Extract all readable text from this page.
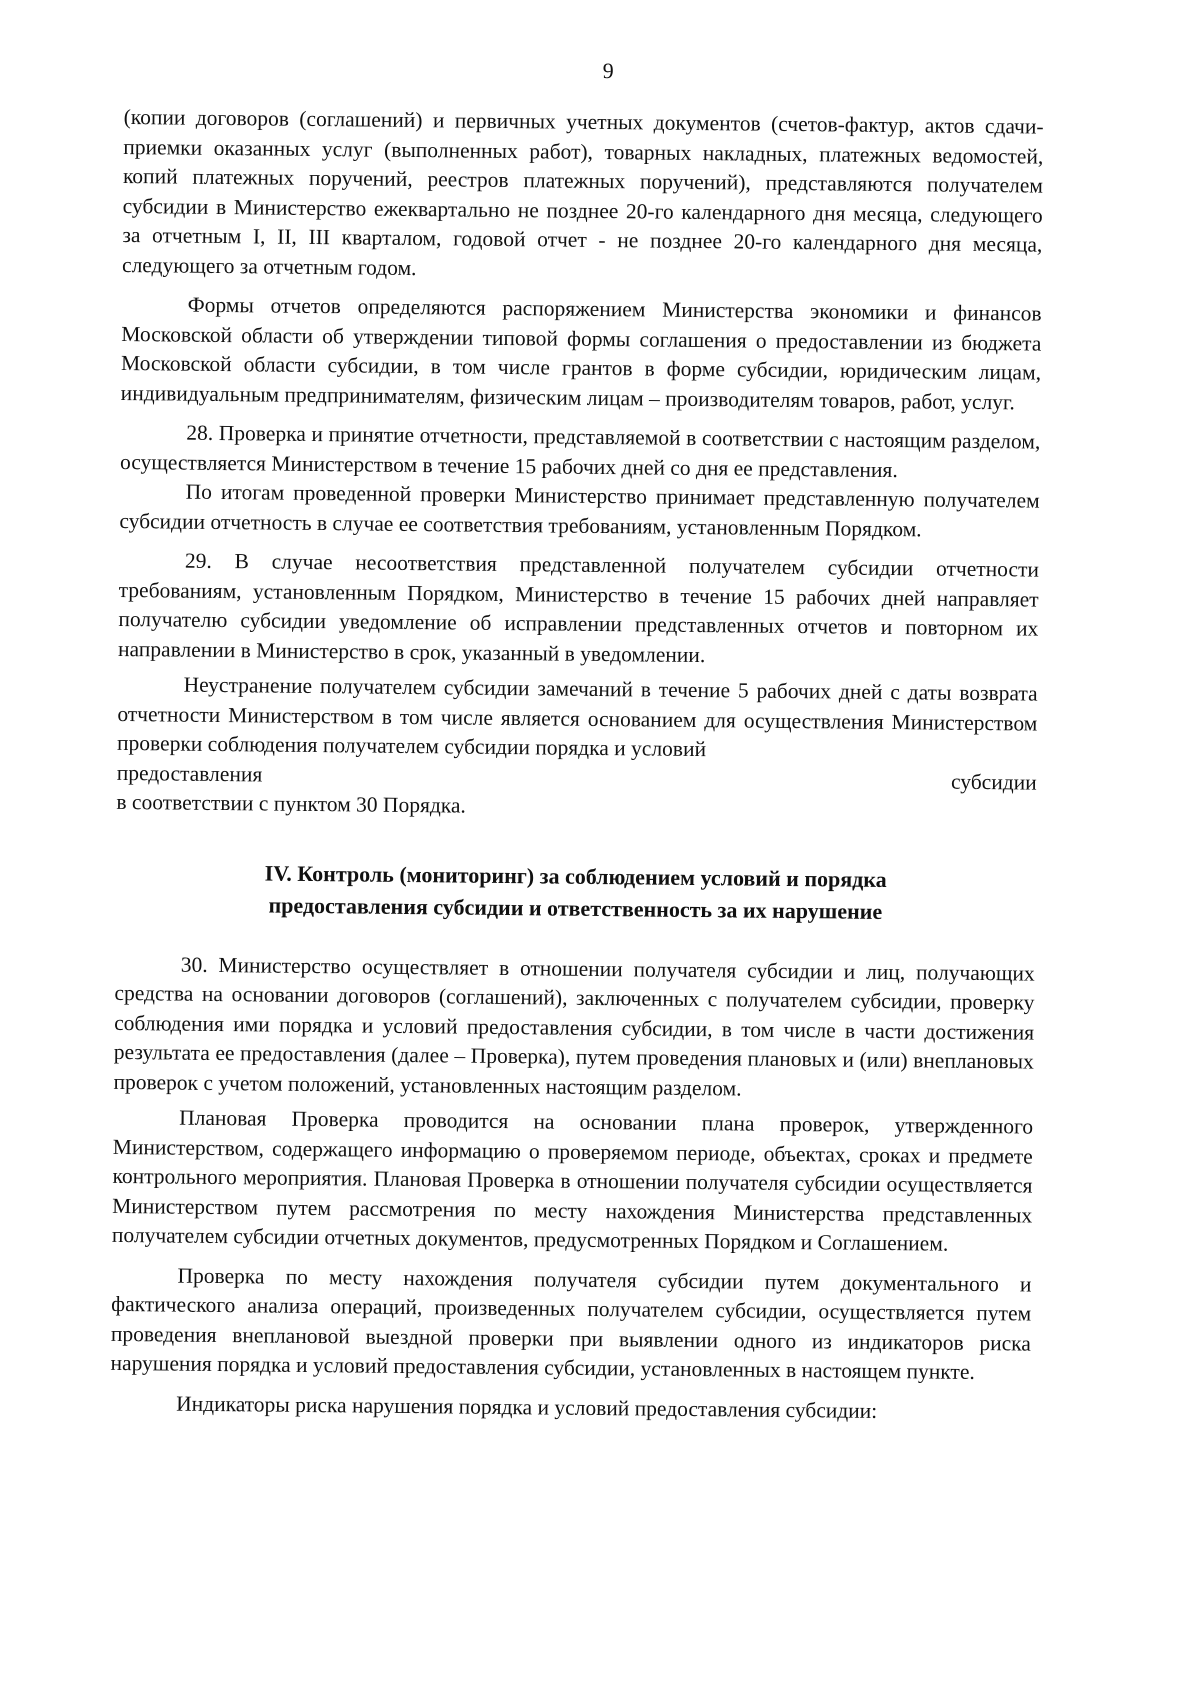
9

(копии договоров (соглашений) и первичных учетных документов (счетов-фактур, актов сдачи-приемки оказанных услуг (выполненных работ), товарных накладных, платежных ведомостей, копий платежных поручений, реестров платежных поручений), представляются получателем субсидии в Министерство ежеквартально не позднее 20-го календарного дня месяца, следующего за отчетным I, II, III кварталом, годовой отчет - не позднее 20-го календарного дня месяца, следующего за отчетным годом.

Формы отчетов определяются распоряжением Министерства экономики и финансов Московской области об утверждении типовой формы соглашения о предоставлении из бюджета Московской области субсидии, в том числе грантов в форме субсидии, юридическим лицам, индивидуальным предпринимателям, физическим лицам – производителям товаров, работ, услуг.

28. Проверка и принятие отчетности, представляемой в соответствии с настоящим разделом, осуществляется Министерством в течение 15 рабочих дней со дня ее представления.

По итогам проведенной проверки Министерство принимает представленную получателем субсидии отчетность в случае ее соответствия требованиям, установленным Порядком.

29. В случае несоответствия представленной получателем субсидии отчетности требованиям, установленным Порядком, Министерство в течение 15 рабочих дней направляет получателю субсидии уведомление об исправлении представленных отчетов и повторном их направлении в Министерство в срок, указанный в уведомлении.

Неустранение получателем субсидии замечаний в течение 5 рабочих дней с даты возврата отчетности Министерством в том числе является основанием для осуществления Министерством проверки соблюдения получателем субсидии порядка и условий

предоставления	субсидии

в соответствии с пунктом 30 Порядка.

IV. Контроль (мониторинг) за соблюдением условий и порядка
предоставления субсидии и ответственность за их нарушение

30. Министерство осуществляет в отношении получателя субсидии и лиц, получающих средства на основании договоров (соглашений), заключенных с получателем субсидии, проверку соблюдения ими порядка и условий предоставления субсидии, в том числе в части достижения результата ее предоставления (далее – Проверка), путем проведения плановых и (или) внеплановых проверок с учетом положений, установленных настоящим разделом.

Плановая Проверка проводится на основании плана проверок, утвержденного Министерством, содержащего информацию о проверяемом периоде, объектах, сроках и предмете контрольного мероприятия. Плановая Проверка в отношении получателя субсидии осуществляется Министерством путем рассмотрения по месту нахождения Министерства представленных получателем субсидии отчетных документов, предусмотренных Порядком и Соглашением.

Проверка по месту нахождения получателя субсидии путем документального и фактического анализа операций, произведенных получателем субсидии, осуществляется путем проведения внеплановой выездной проверки при выявлении одного из индикаторов риска нарушения порядка и условий предоставления субсидии, установленных в настоящем пункте.

Индикаторы риска нарушения порядка и условий предоставления субсидии:
